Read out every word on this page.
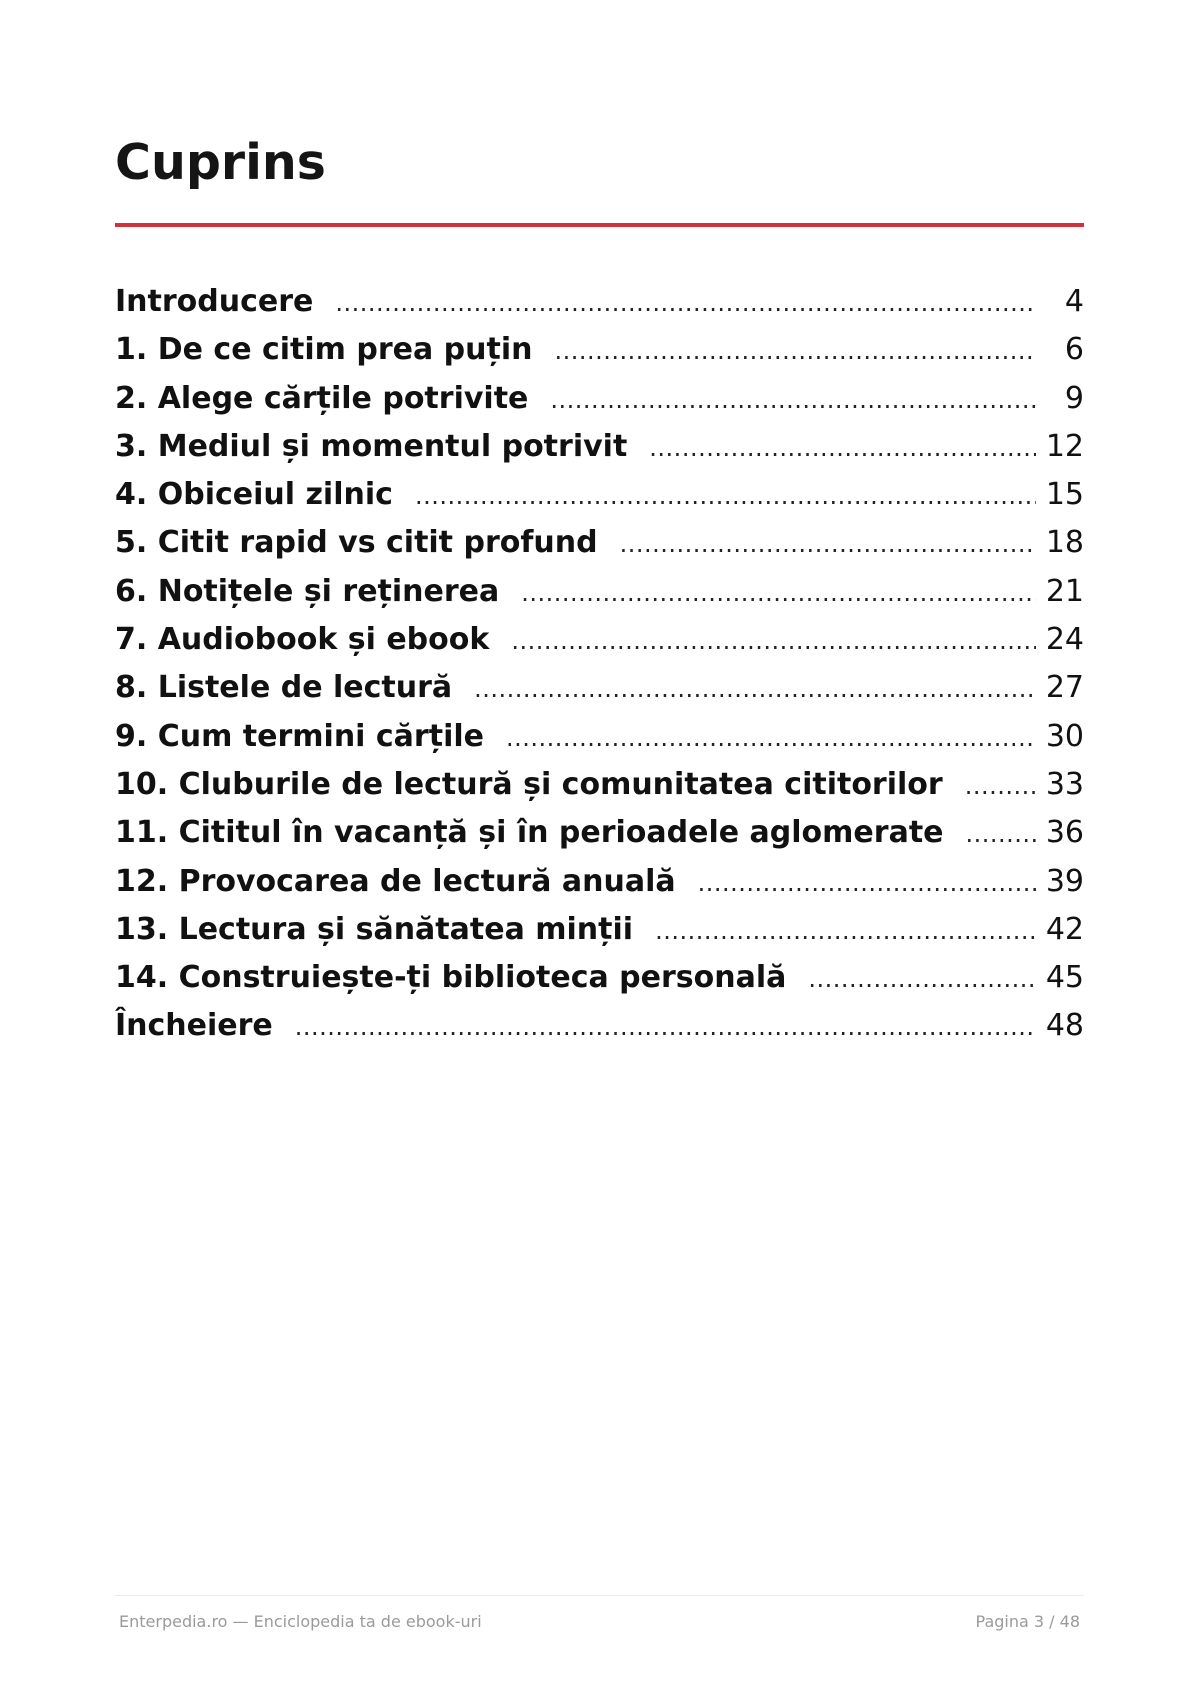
Cuprins
Introducere .....	4
1. De ce citim prea puțin .....	6
2. Alege cărțile potrivite .....	9
3. Mediul și momentul potrivit .....	12
4. Obiceiul zilnic .....	15
5. Citit rapid vs citit profund .....	18
6. Notițele și reținerea .....	21
7. Audiobook și ebook .....	24
8. Listele de lectură .....	27
9. Cum termini cărțile .....	30
10. Cluburile de lectură și comunitatea cititorilor .....	33
11. Cititul în vacanță și în perioadele aglomerate .....	36
12. Provocarea de lectură anuală .....	39
13. Lectura și sănătatea minții .....	42
14. Construiește-ți biblioteca personală .....	45
Încheiere .....	48
Enterpedia.ro — Enciclopedia ta de ebook-uri	Pagina 3 / 48
